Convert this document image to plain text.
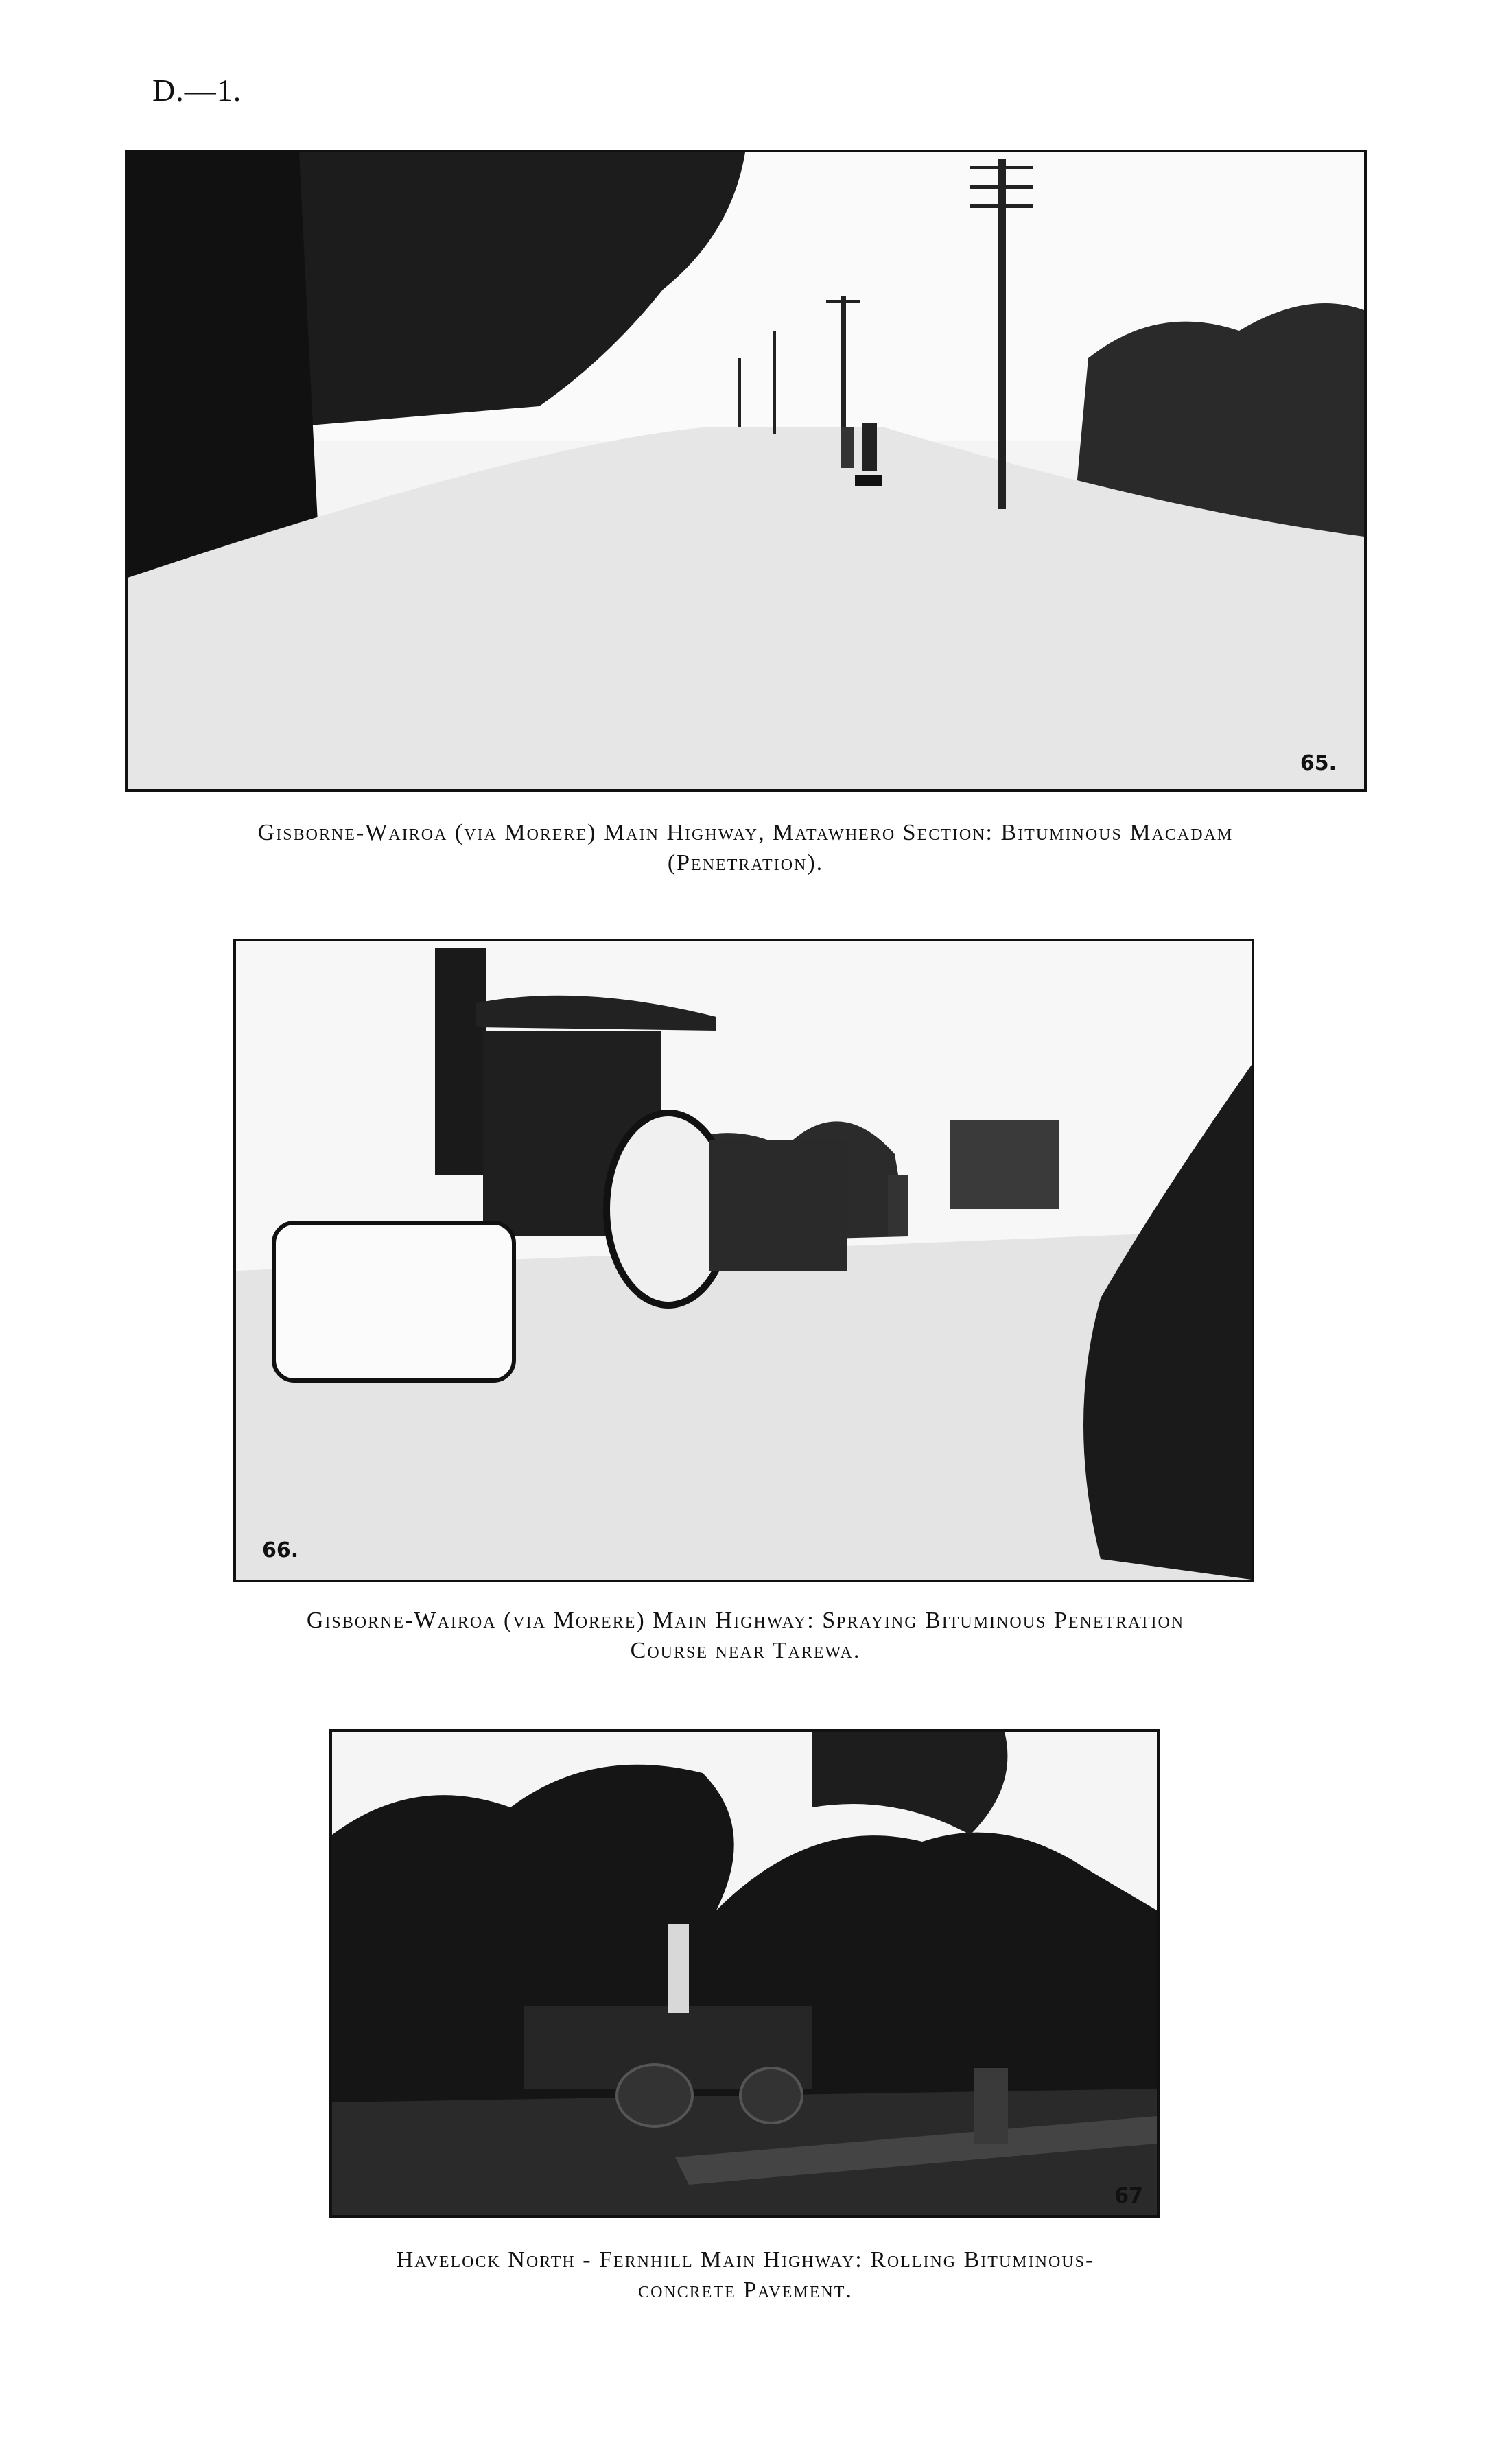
D.—1.
65.
Gisborne-Wairoa (via Morere) Main Highway, Matawhero Section: Bituminous Macadam
(Penetration).
66.
Gisborne-Wairoa (via Morere) Main Highway: Spraying Bituminous Penetration
Course near Tarewa.
67
Havelock North - Fernhill Main Highway: Rolling Bituminous-
concrete Pavement.
